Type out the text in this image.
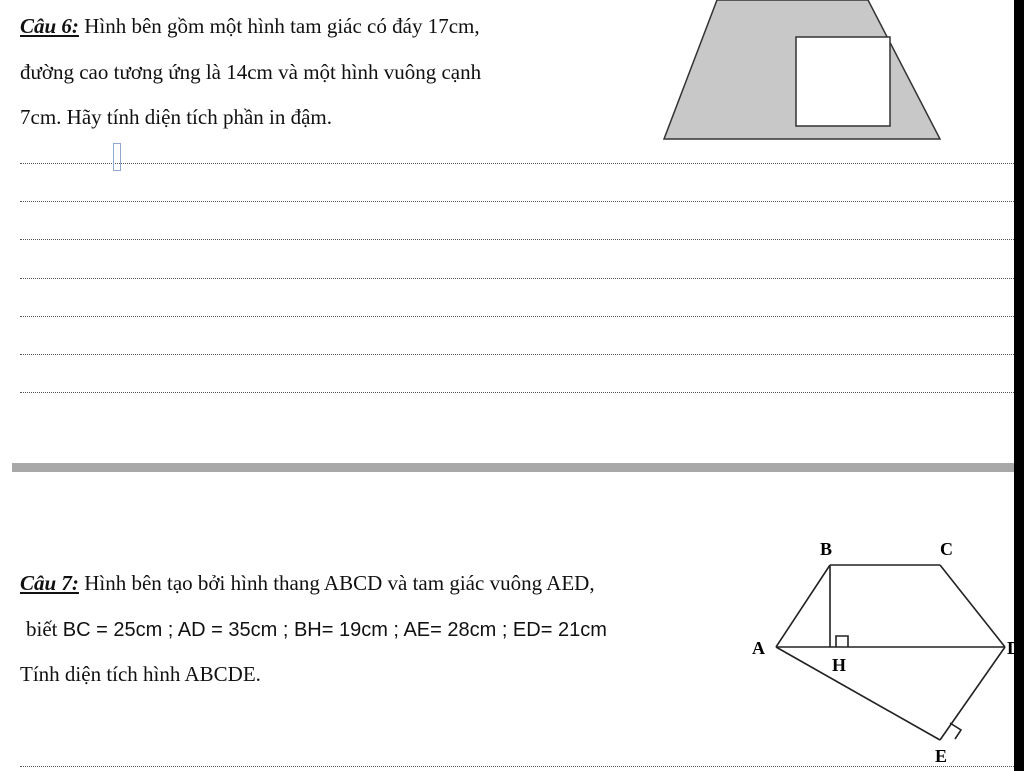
Câu 6: Hình bên gồm một hình tam giác có đáy 17cm,
đường cao tương ứng là 14cm và một hình vuông cạnh
7cm. Hãy tính diện tích phần in đậm.
Câu 7: Hình bên tạo bởi hình thang ABCD và tam giác vuông AED,
biết BC = 25cm ; AD = 35cm ; BH= 19cm ; AE= 28cm ; ED= 21cm
Tính diện tích hình ABCDE.
B	C
A	D
H
E
